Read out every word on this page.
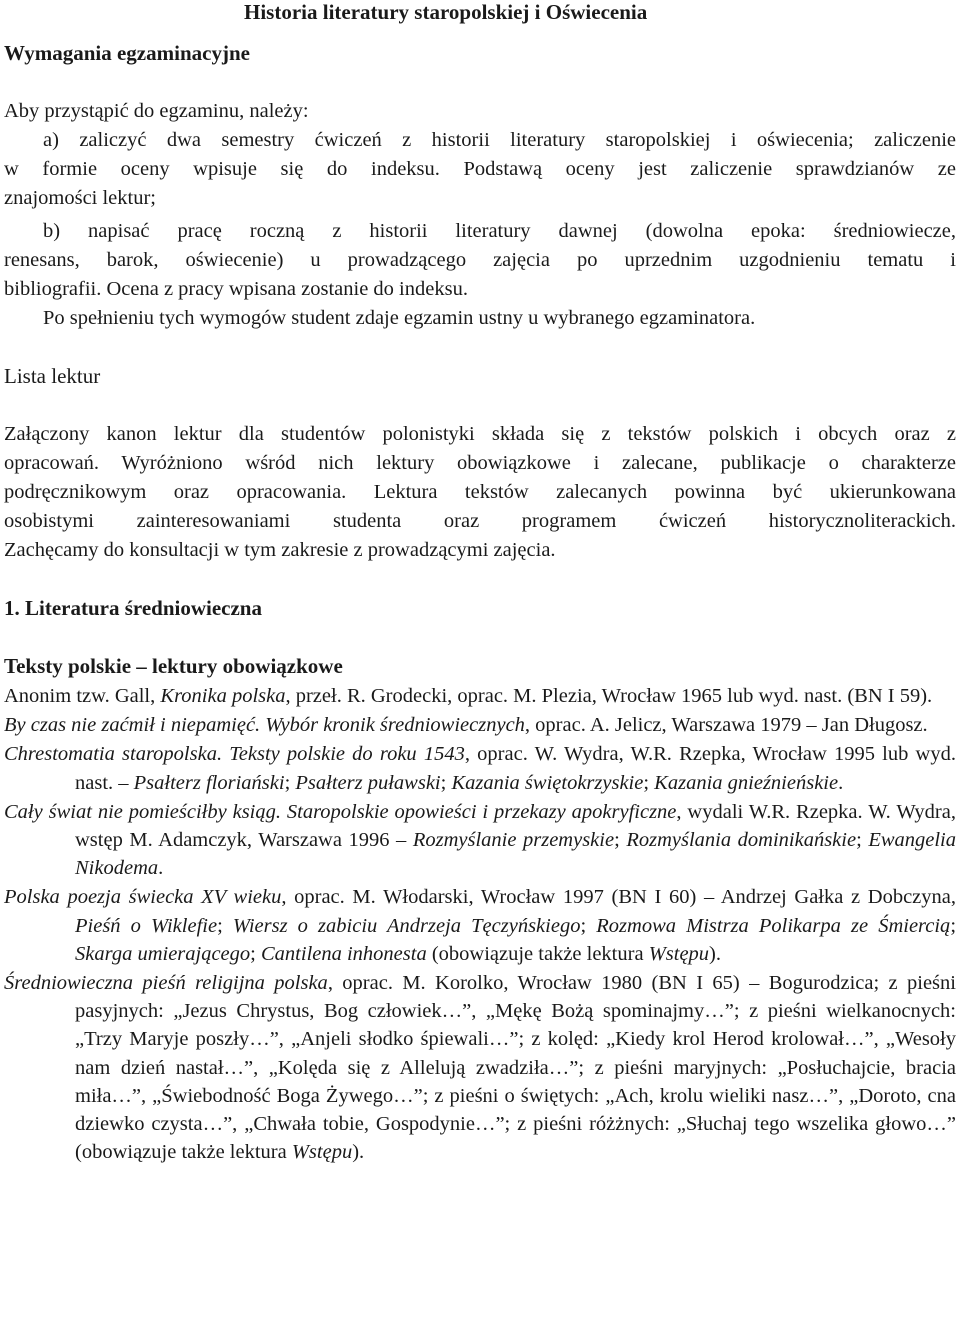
Historia literatury staropolskiej i Oświecenia
Wymagania egzaminacyjne
Aby przystąpić do egzaminu, należy:
a) zaliczyć dwa semestry ćwiczeń z historii literatury staropolskiej i oświecenia; zaliczenie
w formie oceny wpisuje się do indeksu. Podstawą oceny jest zaliczenie sprawdzianów ze
znajomości lektur;
b) napisać pracę roczną z historii literatury dawnej (dowolna epoka: średniowiecze,
renesans, barok, oświecenie) u prowadzącego zajęcia po uprzednim uzgodnieniu tematu i
bibliografii. Ocena z pracy wpisana zostanie do indeksu.
Po spełnieniu tych wymogów student zdaje egzamin ustny u wybranego egzaminatora.
Lista lektur
Załączony kanon lektur dla studentów polonistyki składa się z tekstów polskich i obcych oraz z
opracowań. Wyróżniono wśród nich lektury obowiązkowe i zalecane, publikacje o charakterze
podręcznikowym oraz opracowania. Lektura tekstów zalecanych powinna być ukierunkowana
osobistymi zainteresowaniami studenta oraz programem ćwiczeń historycznoliterackich.
Zachęcamy do konsultacji w tym zakresie z prowadzącymi zajęcia.
1. Literatura średniowieczna
Teksty polskie – lektury obowiązkowe

Anonim tzw. Gall, Kronika polska, przeł. R. Grodecki, oprac. M. Plezia, Wrocław 1965 lub wyd. nast. (BN I 59).

By czas nie zaćmił i niepamięć. Wybór kronik średniowiecznych, oprac. A. Jelicz, Warszawa 1979 – Jan Długosz.

Chrestomatia staropolska. Teksty polskie do roku 1543, oprac. W. Wydra, W.R. Rzepka, Wrocław 1995 lub wyd. nast. – Psałterz floriański; Psałterz puławski; Kazania świętokrzyskie; Kazania gnieźnieńskie.

Cały świat nie pomieściłby ksiąg. Staropolskie opowieści i przekazy apokryficzne, wydali W.R. Rzepka. W. Wydra, wstęp M. Adamczyk, Warszawa 1996 – Rozmyślanie przemyskie; Rozmyślania dominikańskie; Ewangelia Nikodema.

Polska poezja świecka XV wieku, oprac. M. Włodarski, Wrocław 1997 (BN I 60) – Andrzej Gałka z Dobczyna, Pieśń o Wiklefie; Wiersz o zabiciu Andrzeja Tęczyńskiego; Rozmowa Mistrza Polikarpa ze Śmiercią; Skarga umierającego; Cantilena inhonesta (obowiązuje także lektura Wstępu).

Średniowieczna pieśń religijna polska, oprac. M. Korolko, Wrocław 1980 (BN I 65) – Bogurodzica; z pieśni pasyjnych: „Jezus Chrystus, Bog człowiek…”, „Mękę Bożą spominajmy…”; z pieśni wielkanocnych: „Trzy Maryje poszły…”, „Anjeli słodko śpiewali…”; z kolęd: „Kiedy krol Herod krolował…”, „Wesoły nam dzień nastał…”, „Kolęda się z Allelują zwadziła…”; z pieśni maryjnych: „Posłuchajcie, bracia miła…”, „Świebodność Boga Żywego…”; z pieśni o świętych: „Ach, krolu wieliki nasz…”, „Doroto, cna dziewko czysta…”, „Chwała tobie, Gospodynie…”; z pieśni różżnych: „Słuchaj tego wszelika głowo…” (obowiązuje także lektura Wstępu).
